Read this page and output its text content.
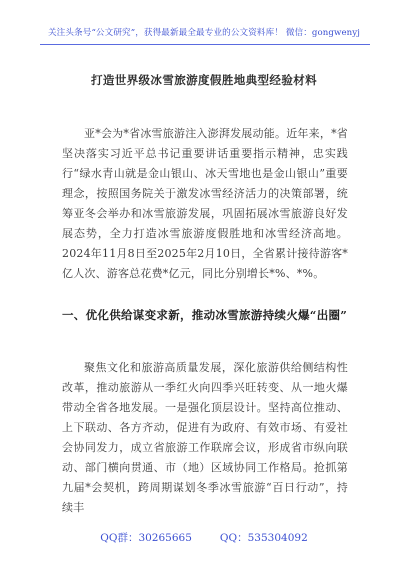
关注头条号“公文研究”，获得最新最全最专业的公文资料库！ 微信：gongwenyj
打造世界级冰雪旅游度假胜地典型经验材料

亚*会为*省冰雪旅游注入澎湃发展动能。近年来，*省坚决落实习近平总书记重要讲话重要指示精神，忠实践行“绿水青山就是金山银山、冰天雪地也是金山银山”重要理念，按照国务院关于激发冰雪经济活力的决策部署，统筹亚冬会举办和冰雪旅游发展，巩固拓展冰雪旅游良好发展态势，全力打造冰雪旅游度假胜地和冰雪经济高地。2024年11月8日至2025年2月10日，全省累计接待游客*亿人次、游客总花费*亿元，同比分别增长*%、*%。

一、优化供给谋变求新，推动冰雪旅游持续火爆“出圈”

聚焦文化和旅游高质量发展，深化旅游供给侧结构性改革，推动旅游从一季红火向四季兴旺转变、从一地火爆带动全省各地发展。一是强化顶层设计。坚持高位推动、上下联动、各方齐动，促进有为政府、有效市场、有爱社会协同发力，成立省旅游工作联席会议，形成省市纵向联动、部门横向贯通、市（地）区域协同工作格局。抢抓第九届*会契机，跨周期谋划冬季冰雪旅游“百日行动”，持续丰

QQ群：30265665	QQ：535304092
